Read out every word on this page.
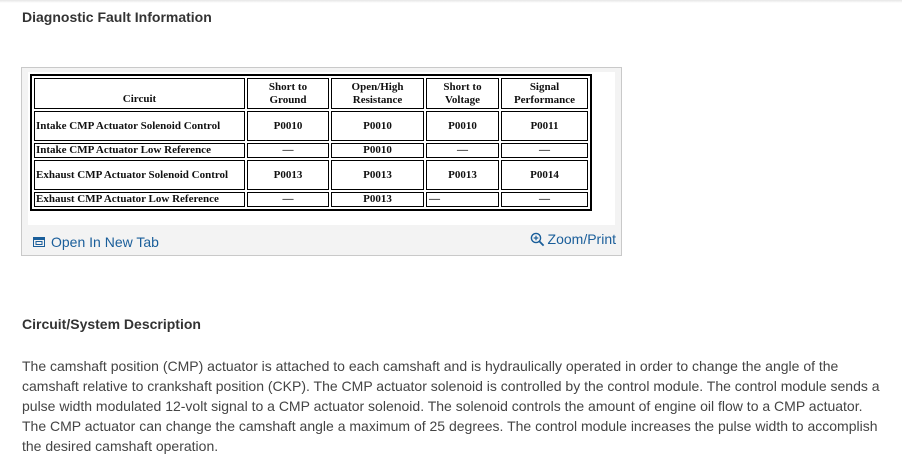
Diagnostic Fault Information
Circuit	Short to Ground	Open/High Resistance	Short to Voltage	Signal Performance
Intake CMP Actuator Solenoid Control	P0010	P0010	P0010	P0011
Intake CMP Actuator Low Reference	—	P0010	—	—
Exhaust CMP Actuator Solenoid Control	P0013	P0013	P0013	P0014
Exhaust CMP Actuator Low Reference	—	P0013	—	—
Open In New Tab	Zoom/Print
Circuit/System Description

The camshaft position (CMP) actuator is attached to each camshaft and is hydraulically operated in order to change the angle of the camshaft relative to crankshaft position (CKP). The CMP actuator solenoid is controlled by the control module. The control module sends a pulse width modulated 12-volt signal to a CMP actuator solenoid. The solenoid controls the amount of engine oil flow to a CMP actuator. The CMP actuator can change the camshaft angle a maximum of 25 degrees. The control module increases the pulse width to accomplish the desired camshaft operation.
